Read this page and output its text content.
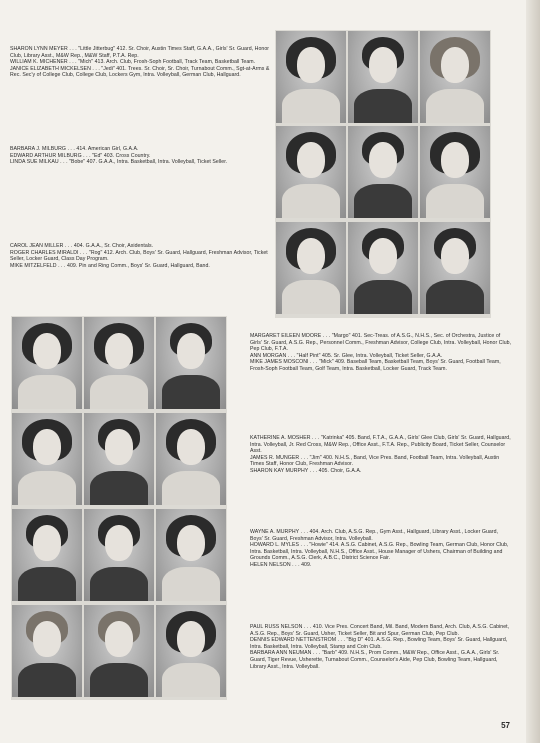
SHARON LYNN MEYER . . . "Little Jitterbug" 412. Sr. Choir, Austin Times Staff, G.A.A., Girls' Sr. Guard, Honor Club, Library Asst., M&W Rep., M&W Staff, P.T.A. Rep.

WILLIAM K. MICHENER . . . "Mich" 413. Arch. Club, Frosh-Soph Football, Track Team, Basketball Team.

JANICE ELIZABETH MICKELSEN . . . "Jedi" 401. Trees. Sr. Choir, Sr. Choir, Turnabout Comm., Sgt-at-Arms & Rec. Sec'y of College Club, College Club, Lockers Gym, Intra. Volleyball, German Club, Hallguard.

BARBARA J. MILBURG . . . 414. American Girl, G.A.A.

EDWARD ARTHUR MILBURG . . . "Ed" 403. Cross Country.

LINDA SUE MILKAU . . . "Bobe" 407. G.A.A., Intra. Basketball, Intra. Volleyball, Ticket Seller.

CAROL JEAN MILLER . . . 404. G.A.A., Sr. Choir, Axidentals.

ROGER CHARLES MIRALDI . . . "Rog" 412. Arch. Club, Boys' Sr. Guard, Hallguard, Freshman Advisor, Ticket Seller, Locker Guard, Class Day Program.

MIKE MITZELFELD . . . 409. Pin and Ring Comm., Boys' Sr. Guard, Hallguard, Band.

MARGARET EILEEN MOORE . . . "Margo" 401. Sec-Treas. of A.S.G., N.H.S., Sec. of Orchestra, Justice of Girls' Sr. Guard, A.S.G. Rep., Personnel Comm., Freshman Advisor, College Club, Intra. Volleyball, Honor Club, Pep Club, F.T.A.

ANN MORGAN . . . "Half Pint" 405. Sr. Glee, Intra. Volleyball, Ticket Seller, G.A.A.

MIKE JAMES MOSCONI . . . "Mick" 409. Baseball Team, Basketball Team, Boys' Sr. Guard, Football Team, Frosh-Soph Football Team, Golf Team, Intra. Basketball, Locker Guard, Track Team.

KATHERINE A. MOSHER . . . "Katrinka" 405. Band, F.T.A., G.A.A., Girls' Glee Club, Girls' Sr. Guard, Hallguard, Intra. Volleyball, Jr. Red Cross, M&W Rep., Office Asst., F.T.A. Rep., Publicity Board, Ticket Seller, Counselor Asst.

JAMES R. MUNGER . . . "Jim" 400. N.H.S., Band, Vice Pres. Band, Football Team, Intra. Volleyball, Austin Times Staff, Honor Club, Freshman Advisor.

SHARON KAY MURPHY . . . 405. Choir, G.A.A.

WAYNE A. MURPHY . . . 404. Arch. Club, A.S.G. Rep., Gym Asst., Hallguard, Library Asst., Locker Guard, Boys' Sr. Guard, Freshman Advisor, Intra. Volleyball.

HOWARD L. MYLES . . . "Howie" 414. A.S.G. Cabinet, A.S.G. Rep., Bowling Team, German Club, Honor Club, Intra. Basketball, Intra. Volleyball, N.H.S., Office Asst., House Manager of Ushers, Chairman of Building and Grounds Comm., A.S.G. Clerk, A.B.C., District Science Fair.

HELEN NELSON . . . 409.

PAUL RUSS NELSON . . . 410. Vice Pres. Concert Band, Mil. Band, Modern Band, Arch. Club, A.S.G. Cabinet, A.S.G. Rep., Boys' Sr. Guard, Usher, Ticket Seller, Bit and Spur, German Club, Pep Club.

DENNIS EDWARD NETTENSTROM . . . "Big D" 401. A.S.G. Rep., Bowling Team, Boys' Sr. Guard, Hallguard, Intra. Basketball, Intra. Volleyball, Stamp and Coin Club.

BARBARA ANN NEUMAN . . . "Barb" 409. N.H.S., Prom Comm., M&W Rep., Office Asst., G.A.A., Girls' Sr. Guard, Tiger Revue, Usherette, Turnabout Comm., Counselor's Aide, Pep Club, Bowling Team, Hallguard, Library Asst., Intra. Volleyball.

57
